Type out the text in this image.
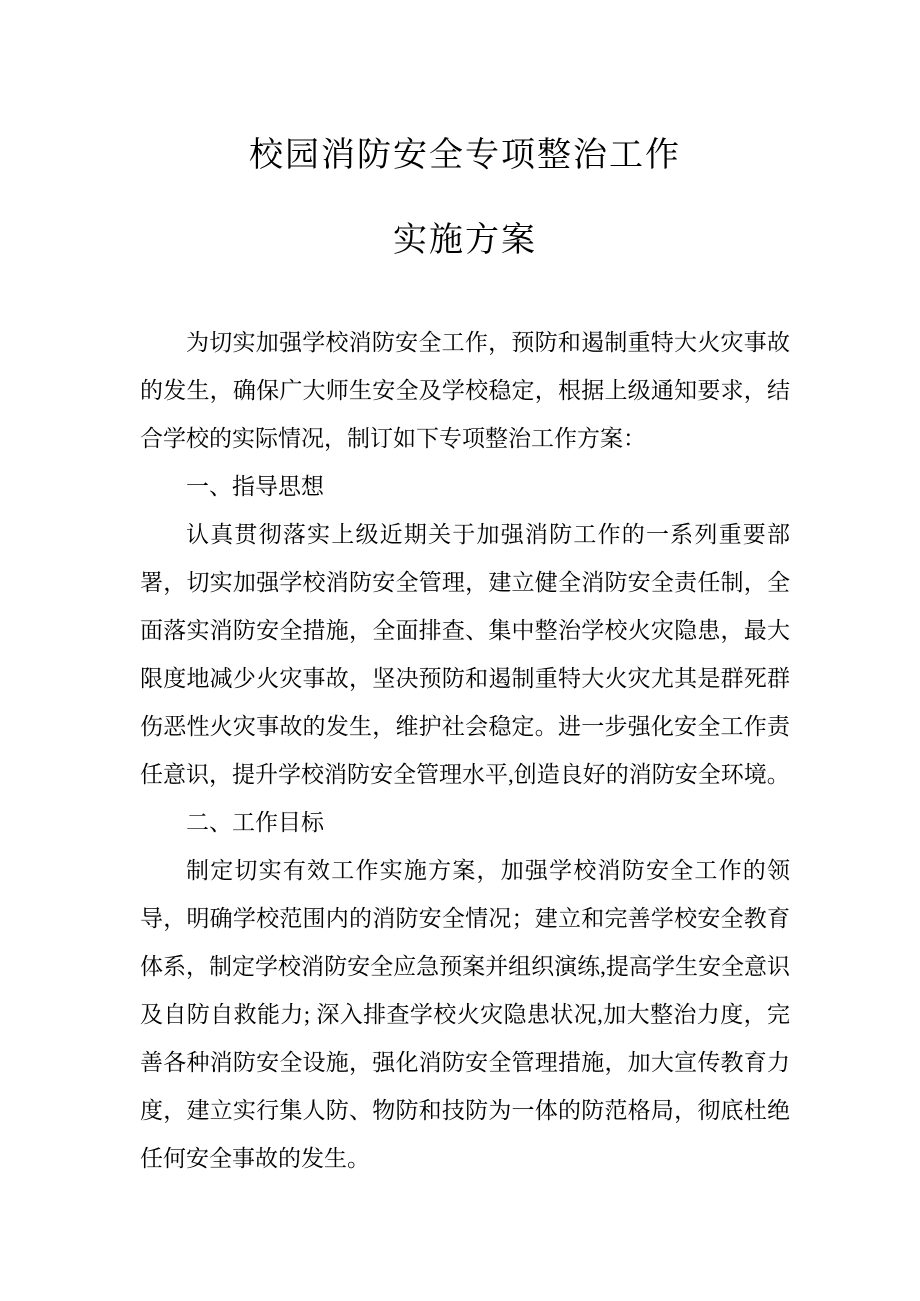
校园消防安全专项整治工作
实施方案

为切实加强学校消防安全工作，预防和遏制重特大火灾事故的发生，确保广大师生安全及学校稳定，根据上级通知要求，结合学校的实际情况，制订如下专项整治工作方案：

一、指导思想

认真贯彻落实上级近期关于加强消防工作的一系列重要部署，切实加强学校消防安全管理，建立健全消防安全责任制，全面落实消防安全措施，全面排查、集中整治学校火灾隐患，最大限度地减少火灾事故，坚决预防和遏制重特大火灾尤其是群死群伤恶性火灾事故的发生，维护社会稳定。进一步强化安全工作责任意识，提升学校消防安全管理水平,创造良好的消防安全环境。

二、工作目标

制定切实有效工作实施方案，加强学校消防安全工作的领导，明确学校范围内的消防安全情况；建立和完善学校安全教育体系，制定学校消防安全应急预案并组织演练,提高学生安全意识及自防自救能力; 深入排查学校火灾隐患状况,加大整治力度，完善各种消防安全设施，强化消防安全管理措施，加大宣传教育力度，建立实行集人防、物防和技防为一体的防范格局，彻底杜绝任何安全事故的发生。
